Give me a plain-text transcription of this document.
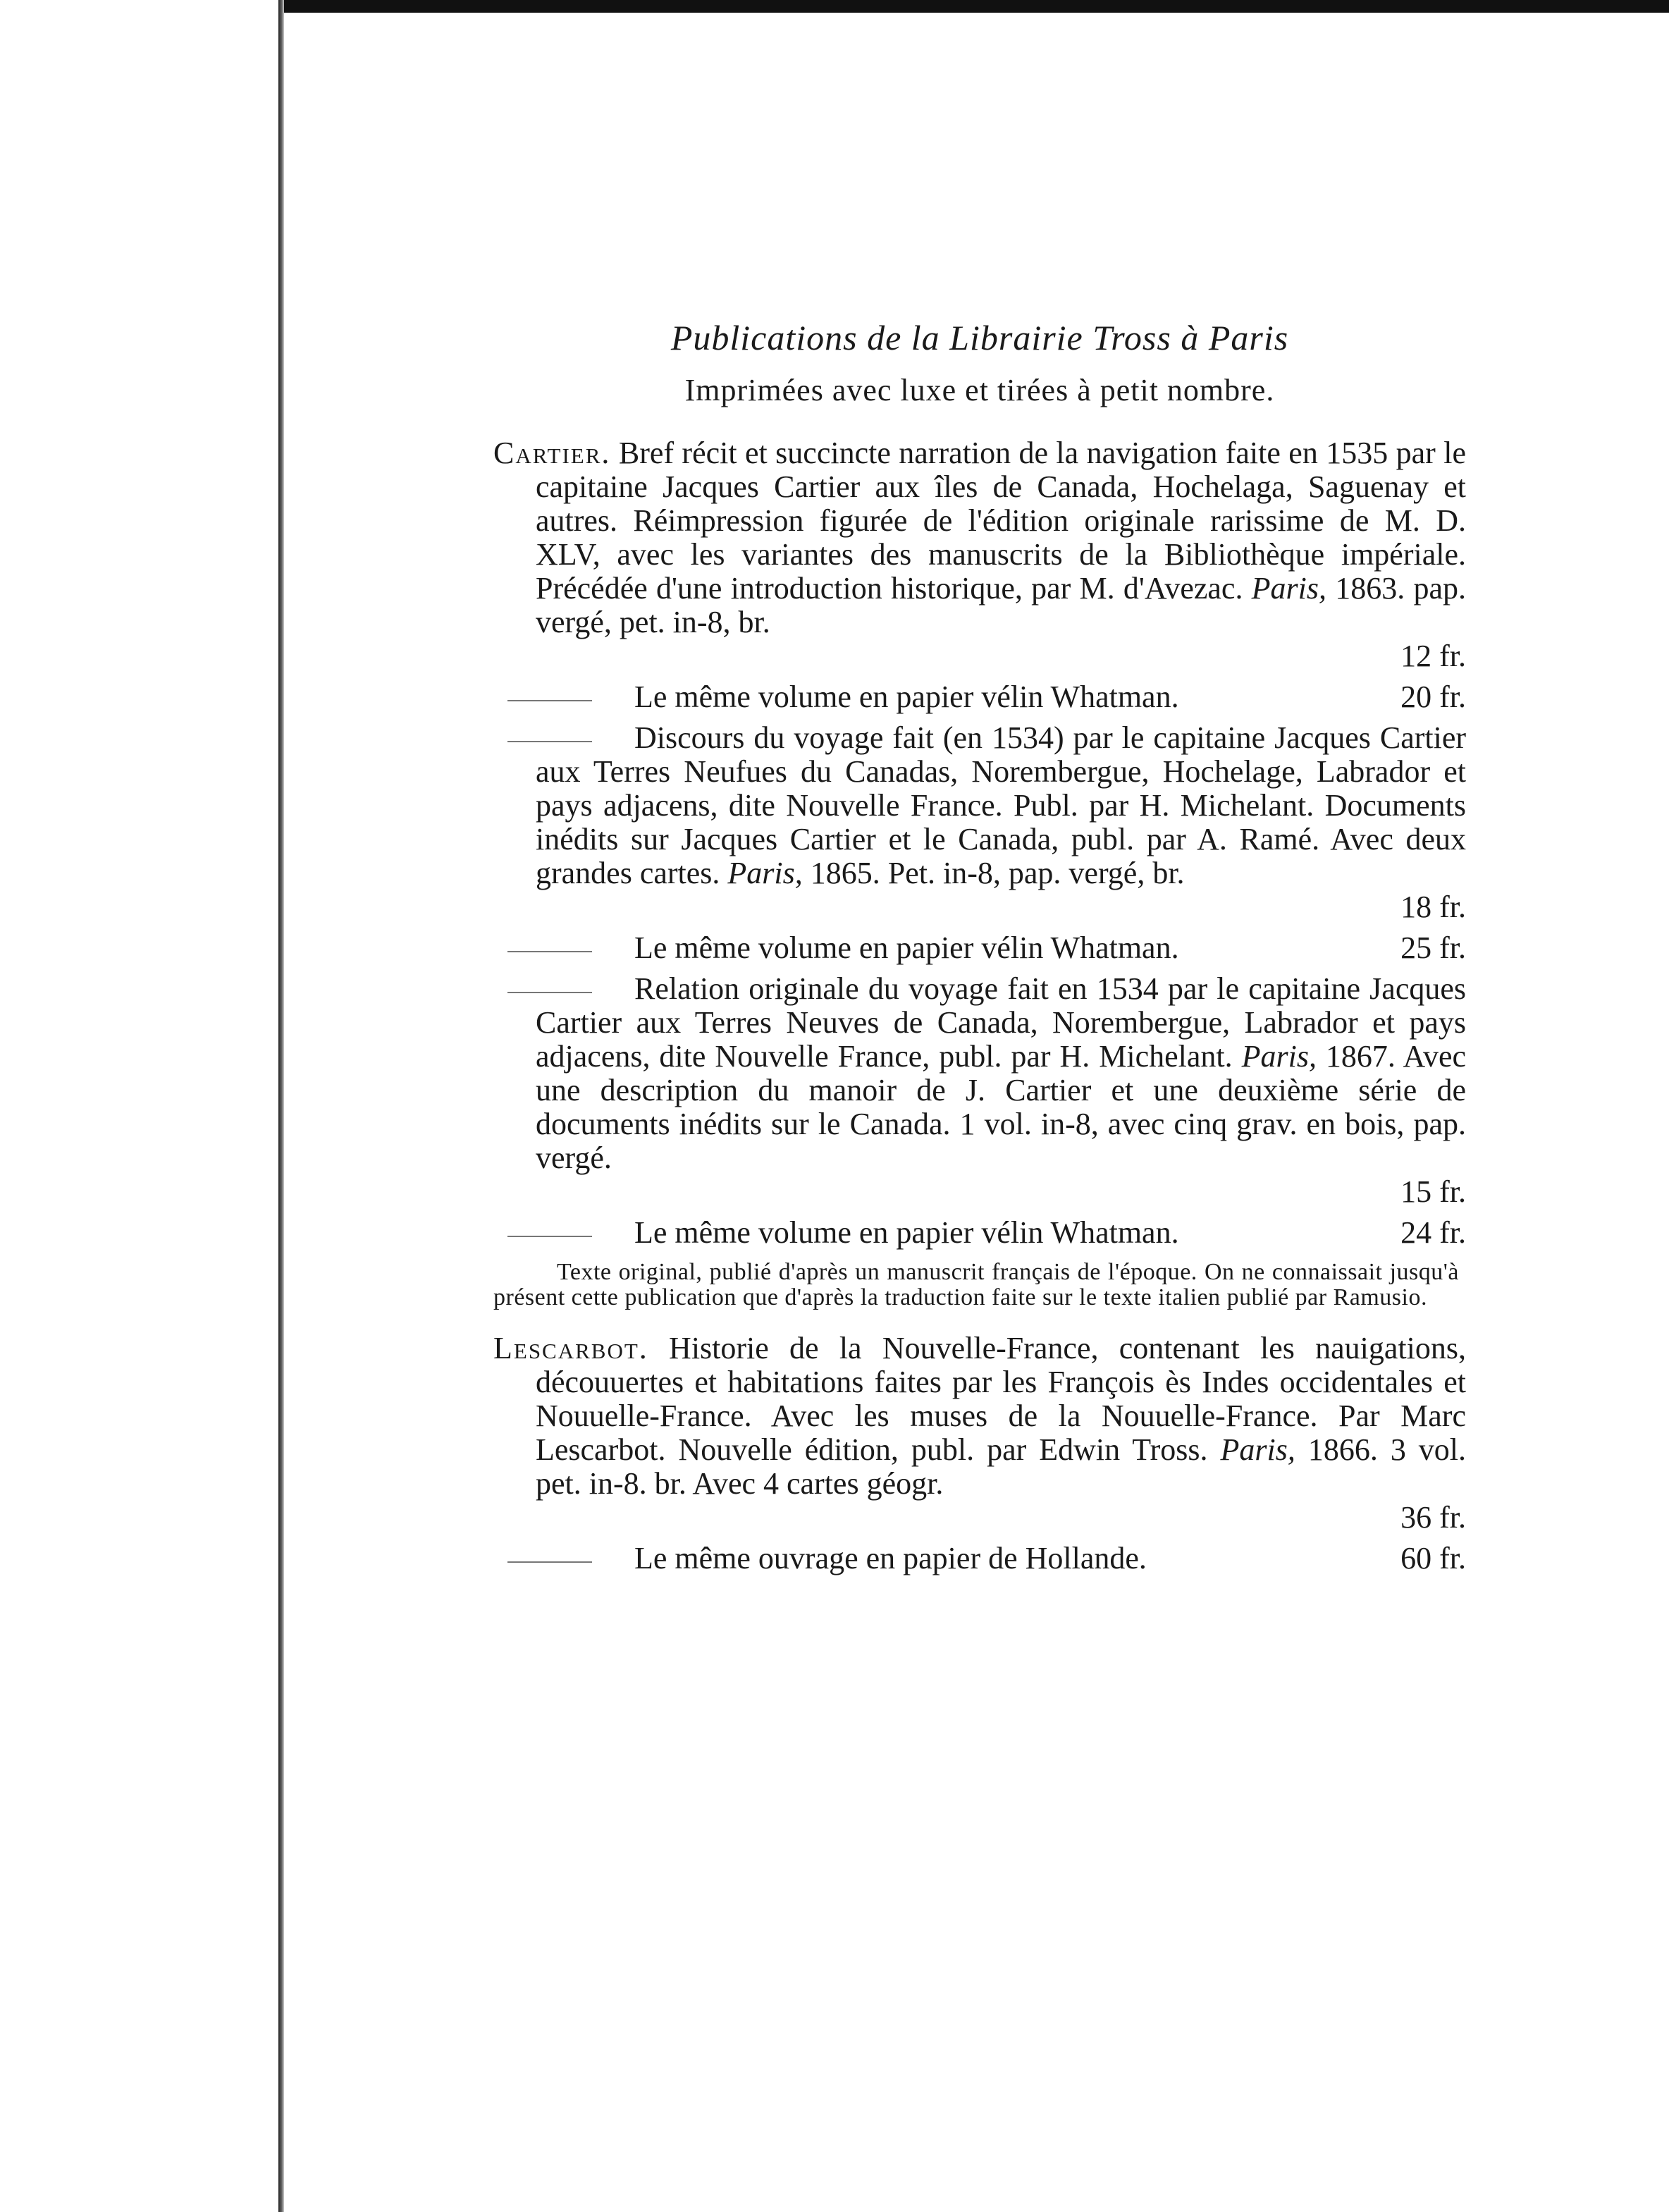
Publications de la Librairie Tross à Paris
Imprimées avec luxe et tirées à petit nombre.
Cartier. Bref récit et succincte narration de la navigation faite en 1535 par le capitaine Jacques Cartier aux îles de Canada, Hochelaga, Saguenay et autres. Réimpression figurée de l'édition originale rarissime de M. D. XLV, avec les variantes des manuscrits de la Bibliothèque impériale. Précédée d'une introduction historique, par M. d'Avezac. Paris, 1863. pap. vergé, pet. in-8, br.
12 fr.
Le même volume en papier vélin Whatman.	20 fr.
Discours du voyage fait (en 1534) par le capitaine Jacques Cartier aux Terres Neufues du Canadas, Norembergue, Hochelage, Labrador et pays adjacens, dite Nouvelle France. Publ. par H. Michelant. Documents inédits sur Jacques Cartier et le Canada, publ. par A. Ramé. Avec deux grandes cartes. Paris, 1865. Pet. in-8, pap. vergé, br.
18 fr.
Le même volume en papier vélin Whatman.	25 fr.
Relation originale du voyage fait en 1534 par le capitaine Jacques Cartier aux Terres Neuves de Canada, Norembergue, Labrador et pays adjacens, dite Nouvelle France, publ. par H. Michelant. Paris, 1867. Avec une description du manoir de J. Cartier et une deuxième série de documents inédits sur le Canada. 1 vol. in-8, avec cinq grav. en bois, pap. vergé.
15 fr.
Le même volume en papier vélin Whatman.	24 fr.
Texte original, publié d'après un manuscrit français de l'époque. On ne connaissait jusqu'à présent cette publication que d'après la traduction faite sur le texte italien publié par Ramusio.
Lescarbot. Historie de la Nouvelle-France, contenant les nauigations, découuertes et habitations faites par les François ès Indes occidentales et Nouuelle-France. Avec les muses de la Nouuelle-France. Par Marc Lescarbot. Nouvelle édition, publ. par Edwin Tross. Paris, 1866. 3 vol. pet. in-8. br. Avec 4 cartes géogr.
36 fr.
Le même ouvrage en papier de Hollande.	60 fr.
